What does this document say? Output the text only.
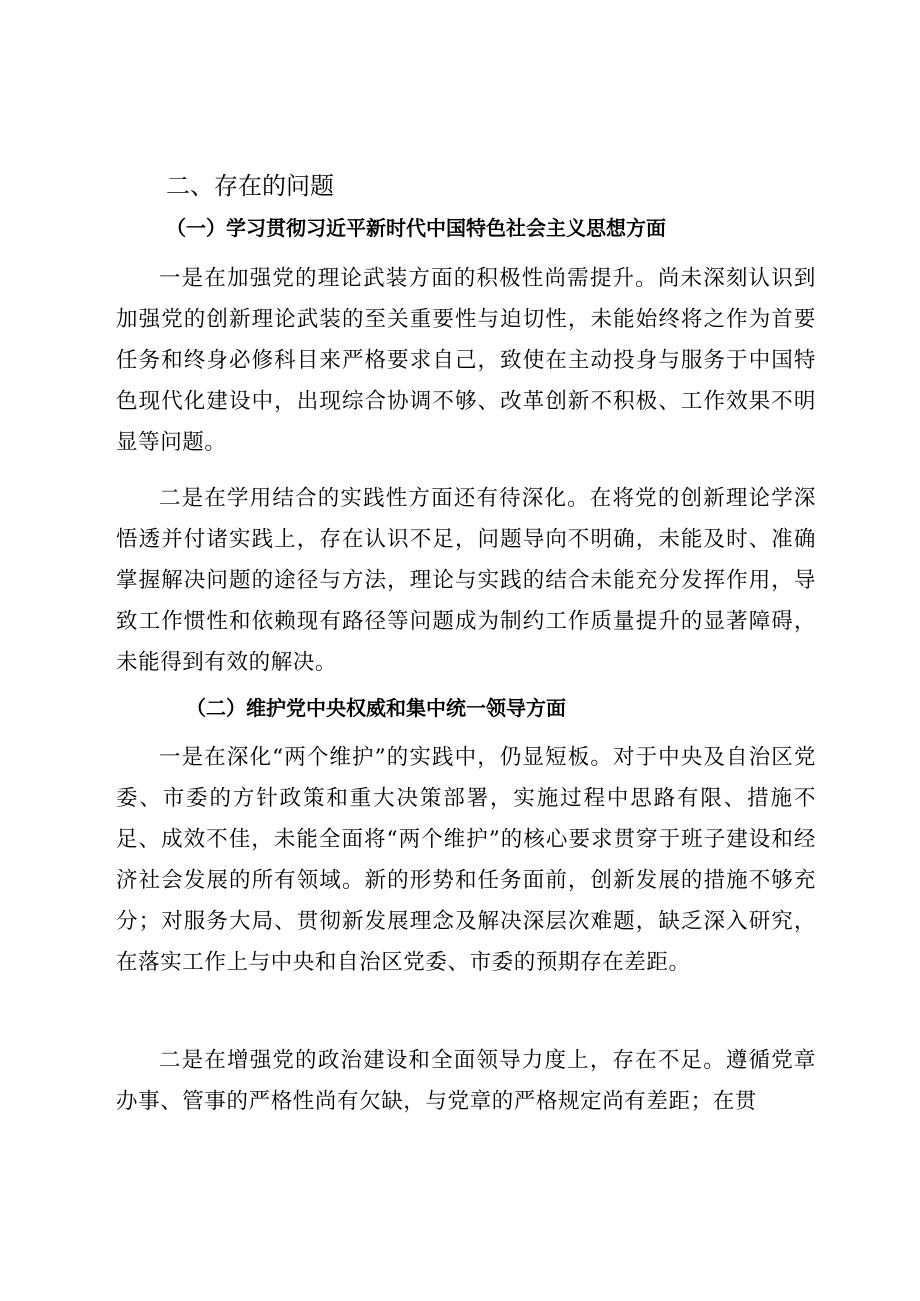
二、存在的问题
（一）学习贯彻习近平新时代中国特色社会主义思想方面

一是在加强党的理论武装方面的积极性尚需提升。尚未深刻认识到加强党的创新理论武装的至关重要性与迫切性，未能始终将之作为首要任务和终身必修科目来严格要求自己，致使在主动投身与服务于中国特色现代化建设中，出现综合协调不够、改革创新不积极、工作效果不明显等问题。

二是在学用结合的实践性方面还有待深化。在将党的创新理论学深悟透并付诸实践上，存在认识不足，问题导向不明确，未能及时、准确掌握解决问题的途径与方法，理论与实践的结合未能充分发挥作用，导致工作惯性和依赖现有路径等问题成为制约工作质量提升的显著障碍，未能得到有效的解决。

（二）维护党中央权威和集中统一领导方面

一是在深化“两个维护”的实践中，仍显短板。对于中央及自治区党委、市委的方针政策和重大决策部署，实施过程中思路有限、措施不足、成效不佳，未能全面将“两个维护”的核心要求贯穿于班子建设和经济社会发展的所有领域。新的形势和任务面前，创新发展的措施不够充分；对服务大局、贯彻新发展理念及解决深层次难题，缺乏深入研究，在落实工作上与中央和自治区党委、市委的预期存在差距。

二是在增强党的政治建设和全面领导力度上，存在不足。遵循党章办事、管事的严格性尚有欠缺，与党章的严格规定尚有差距；在贯
